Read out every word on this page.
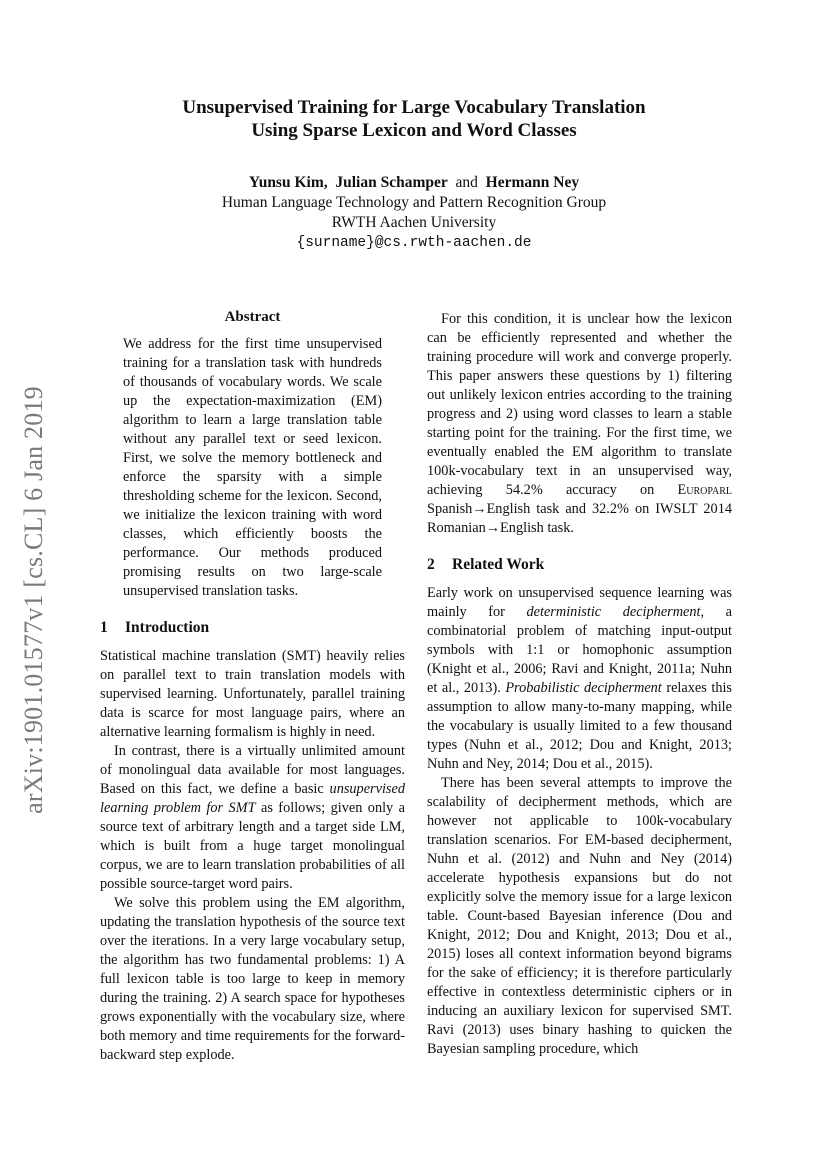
arXiv:1901.01577v1 [cs.CL] 6 Jan 2019
Unsupervised Training for Large Vocabulary Translation
Using Sparse Lexicon and Word Classes
Yunsu Kim, Julian Schamper and Hermann Ney
Human Language Technology and Pattern Recognition Group
RWTH Aachen University
{surname}@cs.rwth-aachen.de
Abstract

We address for the first time unsupervised training for a translation task with hundreds of thousands of vocabulary words. We scale up the expectation-maximization (EM) algorithm to learn a large translation table without any parallel text or seed lexicon. First, we solve the memory bottleneck and enforce the sparsity with a simple thresholding scheme for the lexicon. Second, we initialize the lexicon training with word classes, which efficiently boosts the performance. Our methods produced promising results on two large-scale unsupervised translation tasks.

1 Introduction

Statistical machine translation (SMT) heavily relies on parallel text to train translation models with supervised learning. Unfortunately, parallel training data is scarce for most language pairs, where an alternative learning formalism is highly in need.

In contrast, there is a virtually unlimited amount of monolingual data available for most languages. Based on this fact, we define a basic unsupervised learning problem for SMT as follows; given only a source text of arbitrary length and a target side LM, which is built from a huge target monolingual corpus, we are to learn translation probabilities of all possible source-target word pairs.

We solve this problem using the EM algorithm, updating the translation hypothesis of the source text over the iterations. In a very large vocabulary setup, the algorithm has two fundamental problems: 1) A full lexicon table is too large to keep in memory during the training. 2) A search space for hypotheses grows exponentially with the vocabulary size, where both memory and time requirements for the forward-backward step explode.

For this condition, it is unclear how the lexicon can be efficiently represented and whether the training procedure will work and converge properly. This paper answers these questions by 1) filtering out unlikely lexicon entries according to the training progress and 2) using word classes to learn a stable starting point for the training. For the first time, we eventually enabled the EM algorithm to translate 100k-vocabulary text in an unsupervised way, achieving 54.2% accuracy on Europarl Spanish→English task and 32.2% on IWSLT 2014 Romanian→English task.

2 Related Work

Early work on unsupervised sequence learning was mainly for deterministic decipherment, a combinatorial problem of matching input-output symbols with 1:1 or homophonic assumption (Knight et al., 2006; Ravi and Knight, 2011a; Nuhn et al., 2013). Probabilistic decipherment relaxes this assumption to allow many-to-many mapping, while the vocabulary is usually limited to a few thousand types (Nuhn et al., 2012; Dou and Knight, 2013; Nuhn and Ney, 2014; Dou et al., 2015).

There has been several attempts to improve the scalability of decipherment methods, which are however not applicable to 100k-vocabulary translation scenarios. For EM-based decipherment, Nuhn et al. (2012) and Nuhn and Ney (2014) accelerate hypothesis expansions but do not explicitly solve the memory issue for a large lexicon table. Count-based Bayesian inference (Dou and Knight, 2012; Dou and Knight, 2013; Dou et al., 2015) loses all context information beyond bigrams for the sake of efficiency; it is therefore particularly effective in contextless deterministic ciphers or in inducing an auxiliary lexicon for supervised SMT. Ravi (2013) uses binary hashing to quicken the Bayesian sampling procedure, which
